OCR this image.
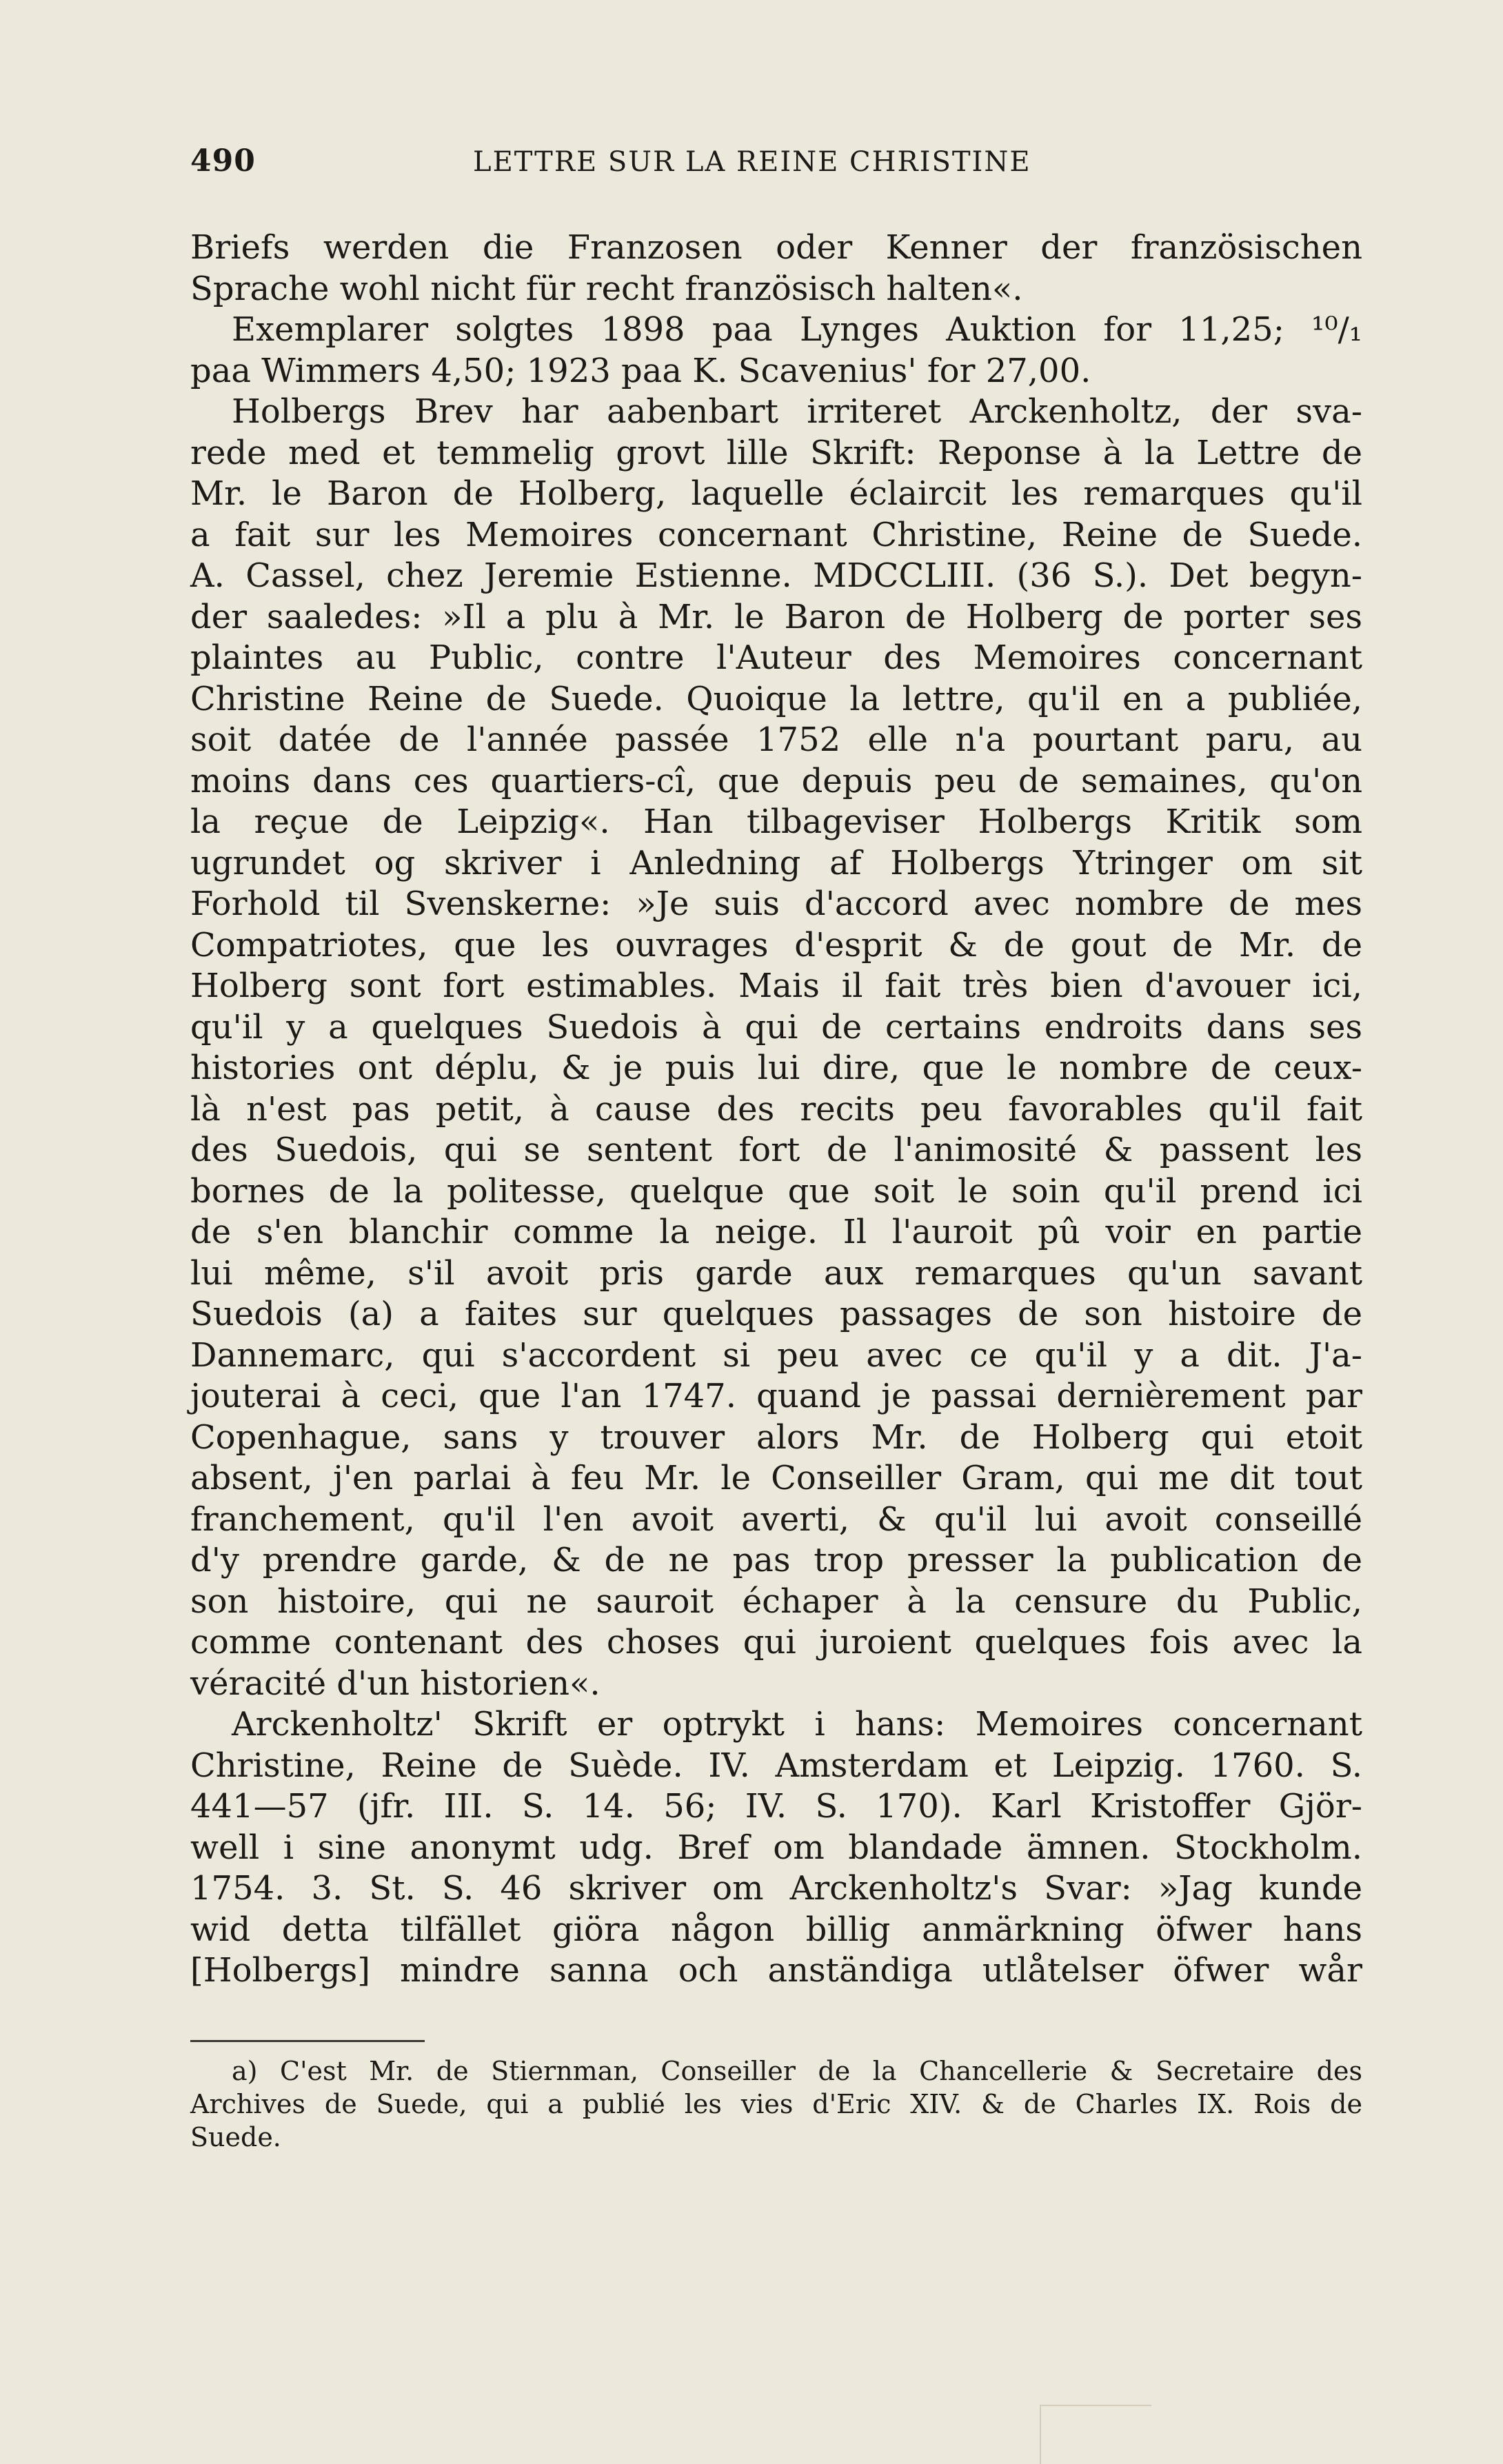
490	LETTRE SUR LA REINE CHRISTINE
Briefs werden die Franzosen oder Kenner der französischen
Sprache wohl nicht für recht französisch halten«.
Exemplarer solgtes 1898 paa Lynges Auktion for 11,25; ¹⁰/₁
paa Wimmers 4,50; 1923 paa K. Scavenius' for 27,00.
Holbergs Brev har aabenbart irriteret Arckenholtz, der sva-
rede med et temmelig grovt lille Skrift: Reponse à la Lettre de
Mr. le Baron de Holberg, laquelle éclaircit les remarques qu'il
a fait sur les Memoires concernant Christine, Reine de Suede.
A. Cassel, chez Jeremie Estienne. MDCCLIII. (36 S.). Det begyn-
der saaledes: »Il a plu à Mr. le Baron de Holberg de porter ses
plaintes au Public, contre l'Auteur des Memoires concernant
Christine Reine de Suede. Quoique la lettre, qu'il en a publiée,
soit datée de l'année passée 1752 elle n'a pourtant paru, au
moins dans ces quartiers-cî, que depuis peu de semaines, qu'on
la reçue de Leipzig«. Han tilbageviser Holbergs Kritik som
ugrundet og skriver i Anledning af Holbergs Ytringer om sit
Forhold til Svenskerne: »Je suis d'accord avec nombre de mes
Compatriotes, que les ouvrages d'esprit & de gout de Mr. de
Holberg sont fort estimables. Mais il fait très bien d'avouer ici,
qu'il y a quelques Suedois à qui de certains endroits dans ses
histories ont déplu, & je puis lui dire, que le nombre de ceux-
là n'est pas petit, à cause des recits peu favorables qu'il fait
des Suedois, qui se sentent fort de l'animosité & passent les
bornes de la politesse, quelque que soit le soin qu'il prend ici
de s'en blanchir comme la neige. Il l'auroit pû voir en partie
lui même, s'il avoit pris garde aux remarques qu'un savant
Suedois (a) a faites sur quelques passages de son histoire de
Dannemarc, qui s'accordent si peu avec ce qu'il y a dit. J'a-
jouterai à ceci, que l'an 1747. quand je passai dernièrement par
Copenhague, sans y trouver alors Mr. de Holberg qui etoit
absent, j'en parlai à feu Mr. le Conseiller Gram, qui me dit tout
franchement, qu'il l'en avoit averti, & qu'il lui avoit conseillé
d'y prendre garde, & de ne pas trop presser la publication de
son histoire, qui ne sauroit échaper à la censure du Public,
comme contenant des choses qui juroient quelques fois avec la
véracité d'un historien«.
Arckenholtz' Skrift er optrykt i hans: Memoires concernant
Christine, Reine de Suède. IV. Amsterdam et Leipzig. 1760. S.
441—57 (jfr. III. S. 14. 56; IV. S. 170). Karl Kristoffer Gjör-
well i sine anonymt udg. Bref om blandade ämnen. Stockholm.
1754. 3. St. S. 46 skriver om Arckenholtz's Svar: »Jag kunde
wid detta tilfället giöra någon billig anmärkning öfwer hans
[Holbergs] mindre sanna och anständiga utlåtelser öfwer wår
a) C'est Mr. de Stiernman, Conseiller de la Chancellerie & Secretaire des
Archives de Suede, qui a publié les vies d'Eric XIV. & de Charles IX. Rois de
Suede.
